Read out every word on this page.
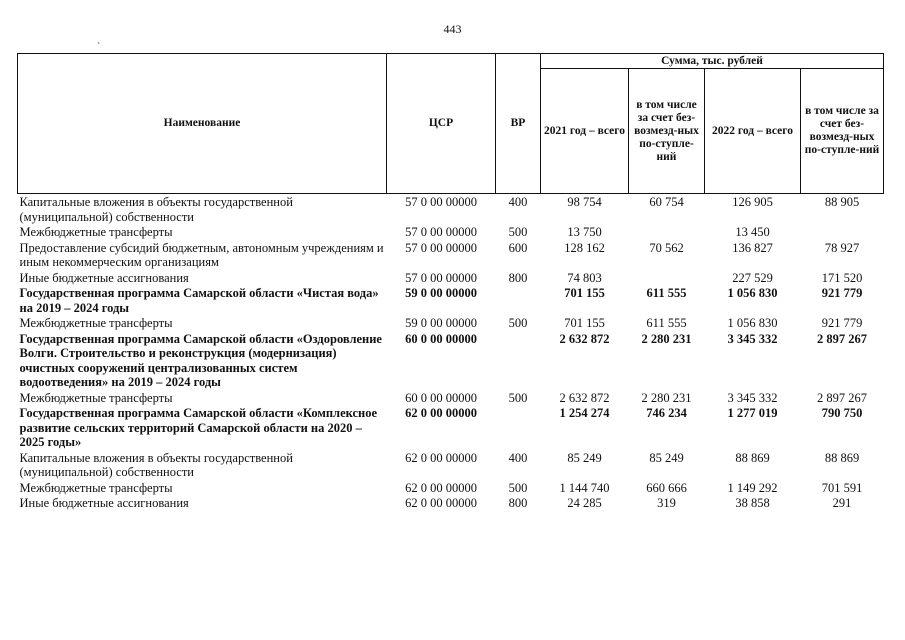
443
ˋ
Наименование	ЦСР	ВР	Сумма, тыс. рублей			
			2021 год – всего	в том числе за счет без-возмезд-ных по-ступле-ний	2022 год – всего	в том числе за счет без-возмезд-ных по-ступле-ний
Капитальные вложения в объекты государственной (муниципальной) собственности	57 0 00 00000	400	98 754	60 754	126 905	88 905
Межбюджетные трансферты	57 0 00 00000	500	13 750		13 450	
Предоставление субсидий бюджетным, автономным учреждениям и иным некоммерческим организациям	57 0 00 00000	600	128 162	70 562	136 827	78 927
Иные бюджетные ассигнования	57 0 00 00000	800	74 803		227 529	171 520
Государственная программа Самарской области «Чистая вода» на 2019 – 2024 годы	59 0 00 00000		701 155	611 555	1 056 830	921 779
Межбюджетные трансферты	59 0 00 00000	500	701 155	611 555	1 056 830	921 779
Государственная программа Самарской области «Оздоровление Волги. Строительство и реконструкция (модернизация) очистных сооружений централизованных систем водоотведения» на 2019 – 2024 годы	60 0 00 00000		2 632 872	2 280 231	3 345 332	2 897 267
Межбюджетные трансферты	60 0 00 00000	500	2 632 872	2 280 231	3 345 332	2 897 267
Государственная программа Самарской области «Комплексное развитие сельских территорий Самарской области на 2020 – 2025 годы»	62 0 00 00000		1 254 274	746 234	1 277 019	790 750
Капитальные вложения в объекты государственной (муниципальной) собственности	62 0 00 00000	400	85 249	85 249	88 869	88 869
Межбюджетные трансферты	62 0 00 00000	500	1 144 740	660 666	1 149 292	701 591
Иные бюджетные ассигнования	62 0 00 00000	800	24 285	319	38 858	291
